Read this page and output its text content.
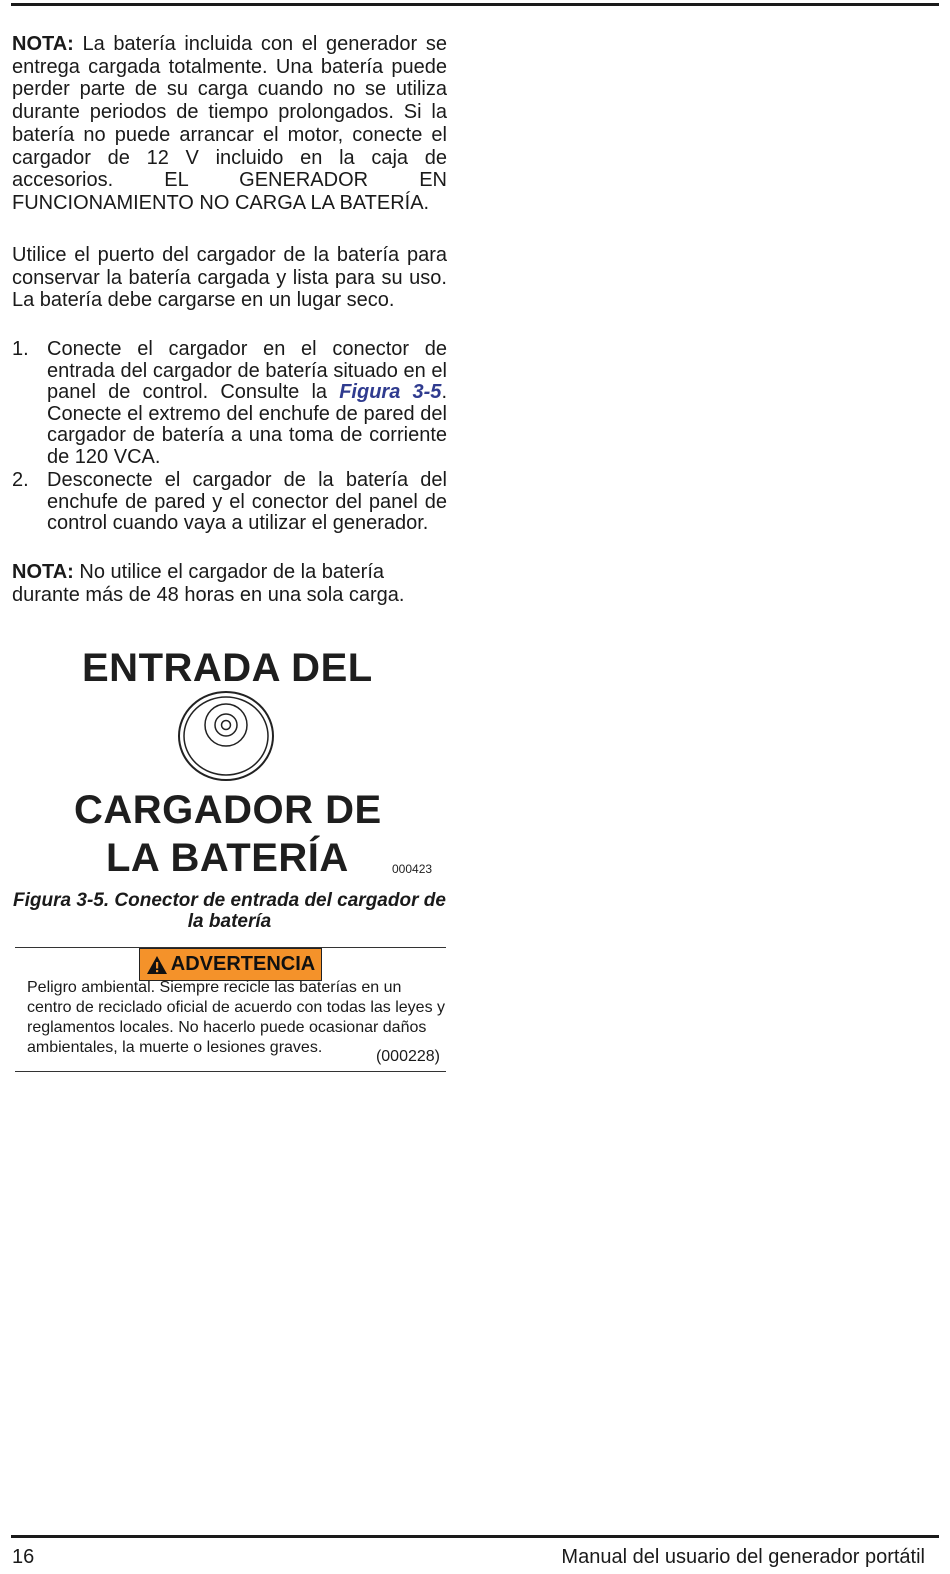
NOTA: La batería incluida con el generador se entrega cargada totalmente. Una batería puede perder parte de su carga cuando no se utiliza durante periodos de tiempo prolongados. Si la batería no puede arrancar el motor, conecte el cargador de 12 V incluido en la caja de accesorios. EL GENERADOR EN FUNCIONAMIENTO NO CARGA LA BATERÍA.

Utilice el puerto del cargador de la batería para conservar la batería cargada y lista para su uso. La batería debe cargarse en un lugar seco.

1. Conecte el cargador en el conector de entrada del cargador de batería situado en el panel de control. Consulte la Figura 3-5. Conecte el extremo del enchufe de pared del cargador de batería a una toma de corriente de 120 VCA.
2. Desconecte el cargador de la batería del enchufe de pared y el conector del panel de control cuando vaya a utilizar el generador.

NOTA: No utilice el cargador de la batería durante más de 48 horas en una sola carga.

ENTRADA DEL
CARGADOR DE
LA BATERÍA	000423
Figura 3-5. Conector de entrada del cargador de la batería
ADVERTENCIA
Peligro ambiental. Siempre recicle las baterías en un centro de reciclado oficial de acuerdo con todas las leyes y reglamentos locales. No hacerlo puede ocasionar daños ambientales, la muerte o lesiones graves.
(000228)
16	Manual del usuario del generador portátil
